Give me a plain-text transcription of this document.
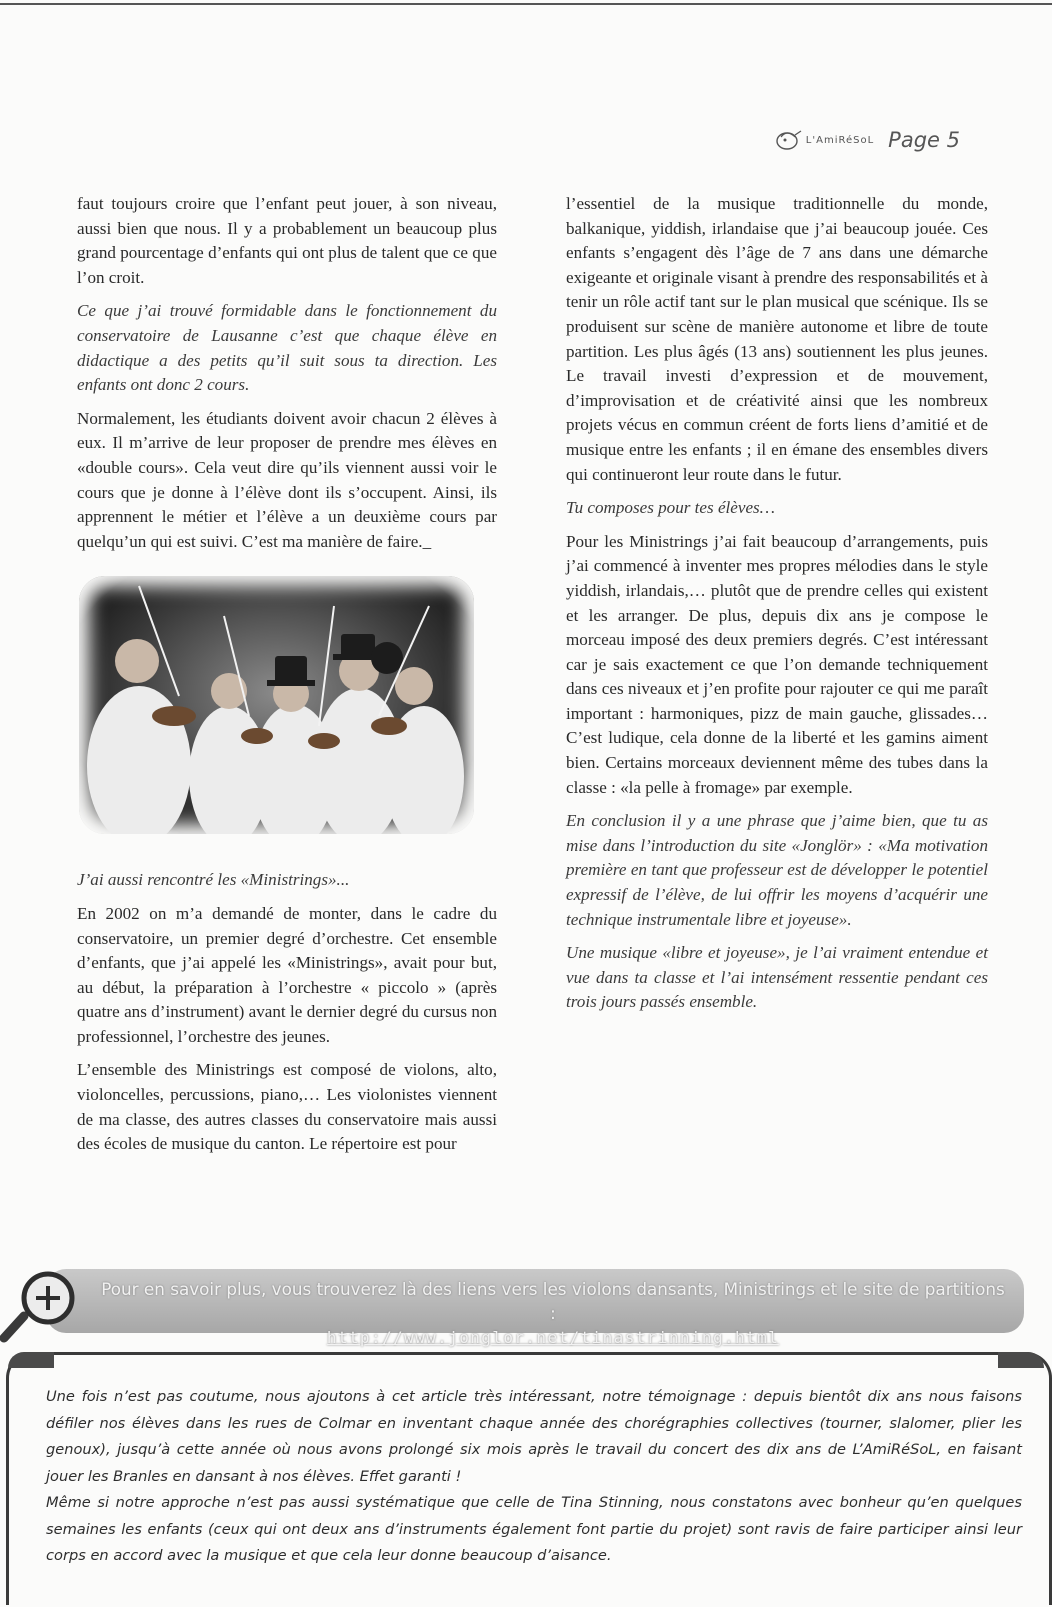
L'AmiRéSoL Page 5

faut toujours croire que l’enfant peut jouer, à son niveau, aussi bien que nous. Il y a probablement un beaucoup plus grand pourcentage d’enfants qui ont plus de talent que ce que l’on croit.

Ce que j’ai trouvé formidable dans le fonctionnement du conservatoire de Lausanne c’est que chaque élève en didactique a des petits qu’il suit sous ta direction. Les enfants ont donc 2 cours.

Normalement, les étudiants doivent avoir chacun 2 élèves à eux. Il m’arrive de leur proposer de prendre mes élèves en «double cours». Cela veut dire qu’ils viennent aussi voir le cours que je donne à l’élève dont ils s’occupent. Ainsi, ils apprennent le métier et l’élève a un deuxième cours par quelqu’un qui est suivi. C’est ma manière de faire._

J’ai aussi rencontré les «Ministrings»...

En 2002 on m’a demandé de monter, dans le cadre du conservatoire, un premier degré d’orchestre. Cet ensemble d’enfants, que j’ai appelé les «Ministrings», avait pour but, au début, la préparation à l’orchestre « piccolo » (après quatre ans d’instrument) avant le dernier degré du cursus non professionnel, l’orchestre des jeunes.

L’ensemble des Ministrings est composé de violons, alto, violoncelles, percussions, piano,… Les violonistes viennent de ma classe, des autres classes du conservatoire mais aussi des écoles de musique du canton. Le répertoire est pour

l’essentiel de la musique traditionnelle du monde, balkanique, yiddish, irlandaise que j’ai beaucoup jouée. Ces enfants s’engagent dès l’âge de 7 ans dans une démarche exigeante et originale visant à prendre des responsabilités et à tenir un rôle actif tant sur le plan musical que scénique. Ils se produisent sur scène de manière autonome et libre de toute partition. Les plus âgés (13 ans) soutiennent les plus jeunes. Le travail investi d’expression et de mouvement, d’improvisation et de créativité ainsi que les nombreux projets vécus en commun créent de forts liens d’amitié et de musique entre les enfants ; il en émane des ensembles divers qui continueront leur route dans le futur.

Tu composes pour tes élèves…

Pour les Ministrings j’ai fait beaucoup d’arrangements, puis j’ai commencé à inventer mes propres mélodies dans le style yiddish, irlandais,… plutôt que de prendre celles qui existent et les arranger. De plus, depuis dix ans je compose le morceau imposé des deux premiers degrés. C’est intéressant car je sais exactement ce que l’on demande techniquement dans ces niveaux et j’en profite pour rajouter ce qui me paraît important : harmoniques, pizz de main gauche, glissades…C’est ludique, cela donne de la liberté et les gamins aiment bien. Certains morceaux deviennent même des tubes dans la classe : «la pelle à fromage» par exemple.

En conclusion il y a une phrase que j’aime bien, que tu as mise dans l’introduction du site «Jonglör» : «Ma motivation première en tant que professeur est de développer le potentiel expressif de l’élève, de lui offrir les moyens d’acquérir une technique instrumentale libre et joyeuse».

Une musique «libre et joyeuse», je l’ai vraiment entendue et vue dans ta classe et l’ai intensément ressentie pendant ces trois jours passés ensemble.

Pour en savoir plus, vous trouverez là des liens vers les violons dansants, Ministrings et le site de partitions :
http://www.jonglor.net/tinastrinning.html

Une fois n’est pas coutume, nous ajoutons à cet article très intéressant, notre témoignage : depuis bientôt dix ans nous faisons défiler nos élèves dans les rues de Colmar en inventant chaque année des chorégraphies collectives (tourner, slalomer, plier les genoux), jusqu’à cette année où nous avons prolongé six mois après le travail du concert des dix ans de L’AmiRéSoL, en faisant jouer les Branles en dansant à nos élèves. Effet garanti !

Même si notre approche n’est pas aussi systématique que celle de Tina Stinning, nous constatons avec bonheur qu’en quelques semaines les enfants (ceux qui ont deux ans d’instruments également font partie du projet) sont ravis de faire participer ainsi leur corps en accord avec la musique et que cela leur donne beaucoup d’aisance.
